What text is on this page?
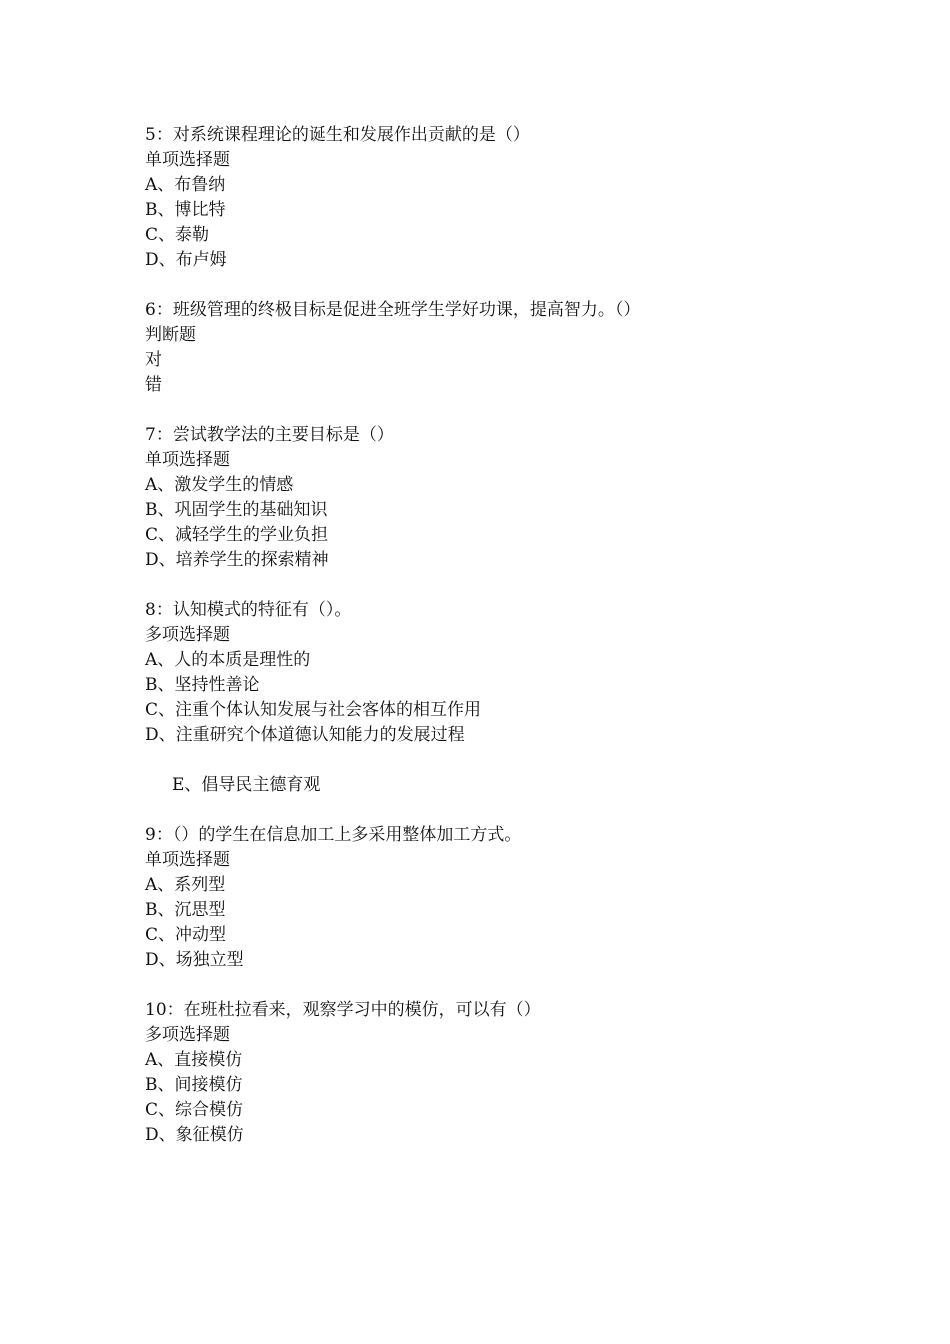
5：对系统课程理论的诞生和发展作出贡献的是（）
单项选择题
A、布鲁纳
B、博比特
C、泰勒
D、布卢姆
6：班级管理的终极目标是促进全班学生学好功课，提高智力。（）
判断题
对
错
7：尝试教学法的主要目标是（）
单项选择题
A、激发学生的情感
B、巩固学生的基础知识
C、减轻学生的学业负担
D、培养学生的探索精神
8：认知模式的特征有（）。
多项选择题
A、人的本质是理性的
B、坚持性善论
C、注重个体认知发展与社会客体的相互作用
D、注重研究个体道德认知能力的发展过程
E、倡导民主德育观
9：（）的学生在信息加工上多采用整体加工方式。
单项选择题
A、系列型
B、沉思型
C、冲动型
D、场独立型
10：在班杜拉看来，观察学习中的模仿，可以有（）
多项选择题
A、直接模仿
B、间接模仿
C、综合模仿
D、象征模仿
